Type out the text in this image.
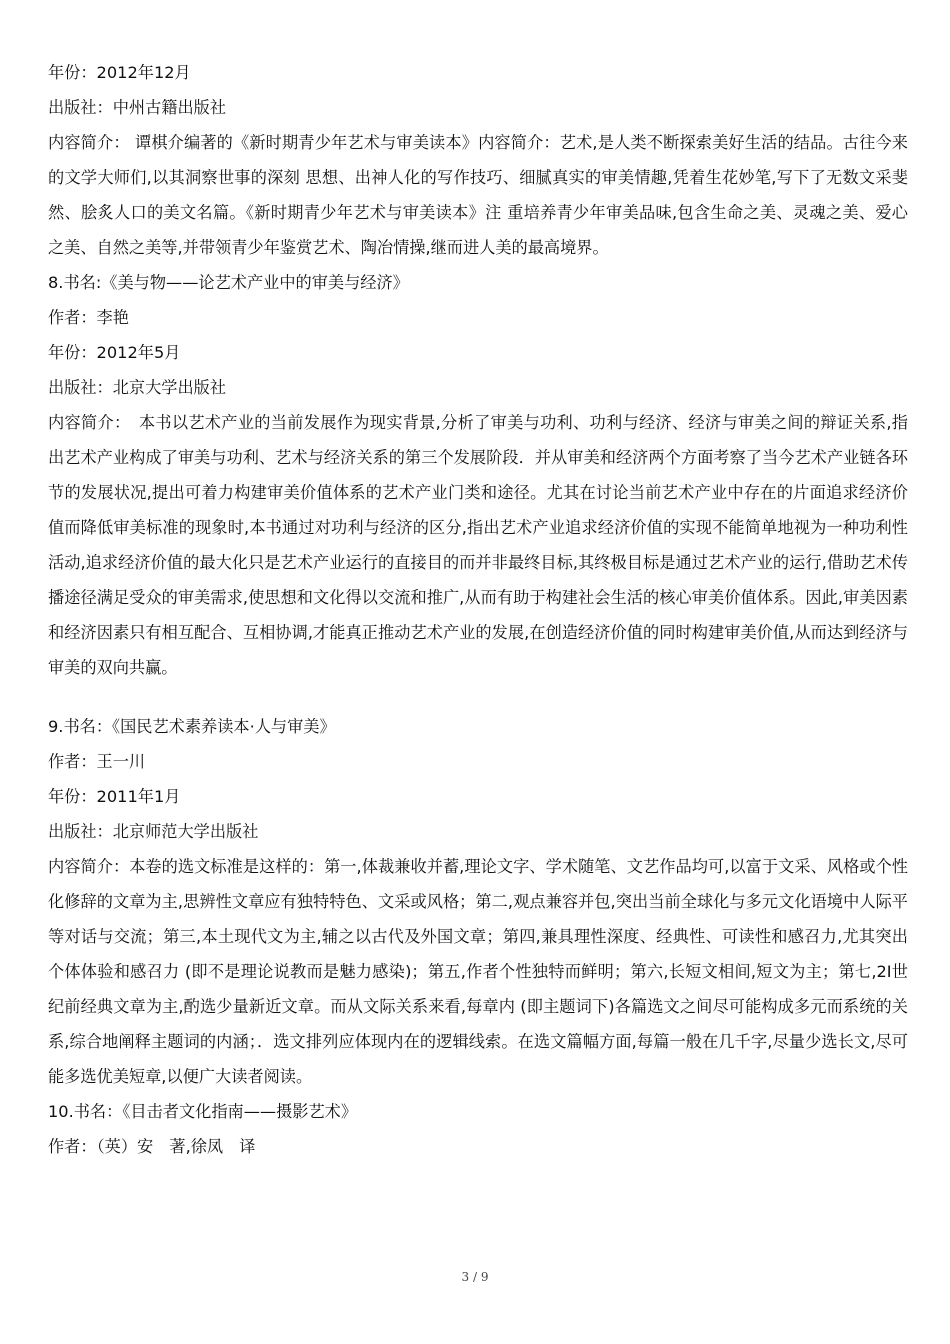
年份：2012年12月
出版社：中州古籍出版社
内容简介： 谭棋介编著的《新时期青少年艺术与审美读本》内容简介：艺术,是人类不断探索美好生活的结品。古往今来的文学大师们,以其洞察世事的深刻 思想、出神人化的写作技巧、细腻真实的审美情趣,凭着生花妙笔,写下了无数文采斐然、脍炙人口的美文名篇。《新时期青少年艺术与审美读本》注 重培养青少年审美品味,包含生命之美、灵魂之美、爱心之美、自然之美等,并带领青少年鉴赏艺术、陶冶情操,继而进人美的最高境界。
8.书名:《美与物——论艺术产业中的审美与经济》
作者：李艳
年份：2012年5月
出版社：北京大学出版社
内容简介：　本书以艺术产业的当前发展作为现实背景,分析了审美与功利、功利与经济、经济与审美之间的辩证关系,指出艺术产业构成了审美与功利、艺术与经济关系的第三个发展阶段．并从审美和经济两个方面考察了当今艺术产业链各环节的发展状况,提出可着力构建审美价值体系的艺术产业门类和途径。尤其在讨论当前艺术产业中存在的片面追求经济价值而降低审美标准的现象时,本书通过对功利与经济的区分,指出艺术产业追求经济价值的实现不能简单地视为一种功利性活动,追求经济价值的最大化只是艺术产业运行的直接目的而并非最终目标,其终极目标是通过艺术产业的运行,借助艺术传播途径满足受众的审美需求,使思想和文化得以交流和推广,从而有助于构建社会生活的核心审美价值体系。因此,审美因素和经济因素只有相互配合、互相协调,才能真正推动艺术产业的发展,在创造经济价值的同时构建审美价值,从而达到经济与审美的双向共赢。
9.书名：《国民艺术素养读本·人与审美》
作者：王一川
年份：2011年1月
出版社：北京师范大学出版社
内容简介：本卷的选文标准是这样的：第一,体裁兼收并蓄,理论文字、学术随笔、文艺作品均可,以富于文采、风格或个性化修辞的文章为主,思辨性文章应有独特特色、文采或风格；第二,观点兼容并包,突出当前全球化与多元文化语境中人际平等对话与交流；第三,本土现代文为主,辅之以古代及外国文章；第四,兼具理性深度、经典性、可读性和感召力,尤其突出个体体验和感召力 (即不是理论说教而是魅力感染)；第五,作者个性独特而鲜明；第六,长短文相间,短文为主；第七,2I世纪前经典文章为主,酌选少量新近文章。而从文际关系来看,每章内 (即主题词下)各篇选文之间尽可能构成多元而系统的关系,综合地阐释主题词的内涵；．选文排列应体现内在的逻辑线索。在选文篇幅方面,每篇一般在几千字,尽量少选长文,尽可能多选优美短章,以便广大读者阅读。
10.书名：《目击者文化指南——摄影艺术》
作者：（英）安　著,徐凤　译
3 / 9
